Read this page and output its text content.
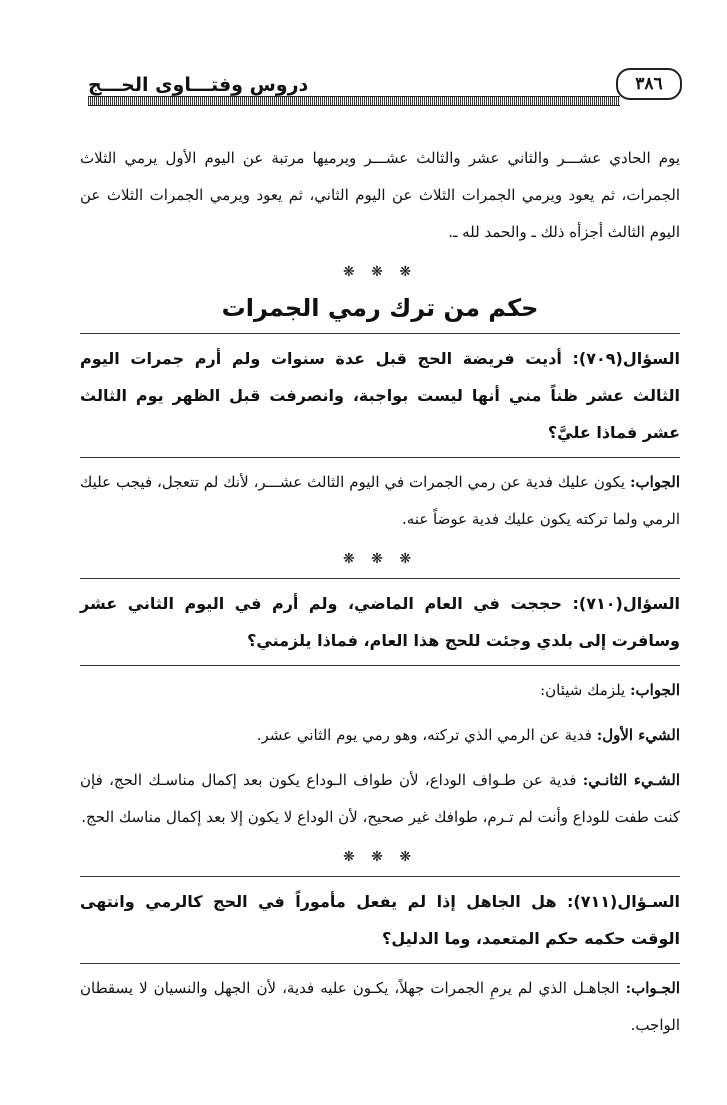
دروس وفتـــاوى الحـــج	٣٨٦

يوم الحادي عشـــر والثاني عشر والثالث عشـــر ويرميها مرتبة عن اليوم الأول يرمي الثلاث الجمرات، ثم يعود ويرمي الجمرات الثلاث عن اليوم الثاني، ثم يعود ويرمي الجمرات الثلاث عن اليوم الثالث أجزأه ذلك ـ والحمد لله ـ.

❋ ❋ ❋
حكم من ترك رمي الجمرات

السؤال(٧٠٩): أديت فريضة الحج قبل عدة سنوات ولم أرم جمرات اليوم الثالث عشر ظناً مني أنها ليست بواجبة، وانصرفت قبل الظهر يوم الثالث عشر فماذا عليَّ؟

الجواب: يكون عليك فدية عن رمي الجمرات في اليوم الثالث عشـــر، لأنك لم تتعجل، فيجب عليك الرمي ولما تركته يكون عليك فدية عوضاً عنه.

❋ ❋ ❋

السؤال(٧١٠): حججت في العام الماضي، ولم أرم في اليوم الثاني عشر وسافرت إلى بلدي وجئت للحج هذا العام، فماذا يلزمني؟

الجواب: يلزمك شيئان:

الشيء الأول: فدية عن الرمي الذي تركته، وهو رمي يوم الثاني عشر.

الشـيء الثانـي: فدية عن طـواف الوداع، لأن طواف الـوداع يكون بعد إكمال مناسـك الحج، فإن كنت طفت للوداع وأنت لم تـرم، طوافك غير صحيح، لأن الوداع لا يكون إلا بعد إكمال مناسك الحج.

❋ ❋ ❋

السـؤال(٧١١): هل الجاهل إذا لم يفعل مأموراً في الحج كالرمي وانتهى الوقت حكمه حكم المتعمد، وما الدليل؟

الجـواب: الجاهـل الذي لم يرمِ الجمرات جهلاً، يكـون عليه فدية، لأن الجهل والنسيان لا يسقطان الواجب.
